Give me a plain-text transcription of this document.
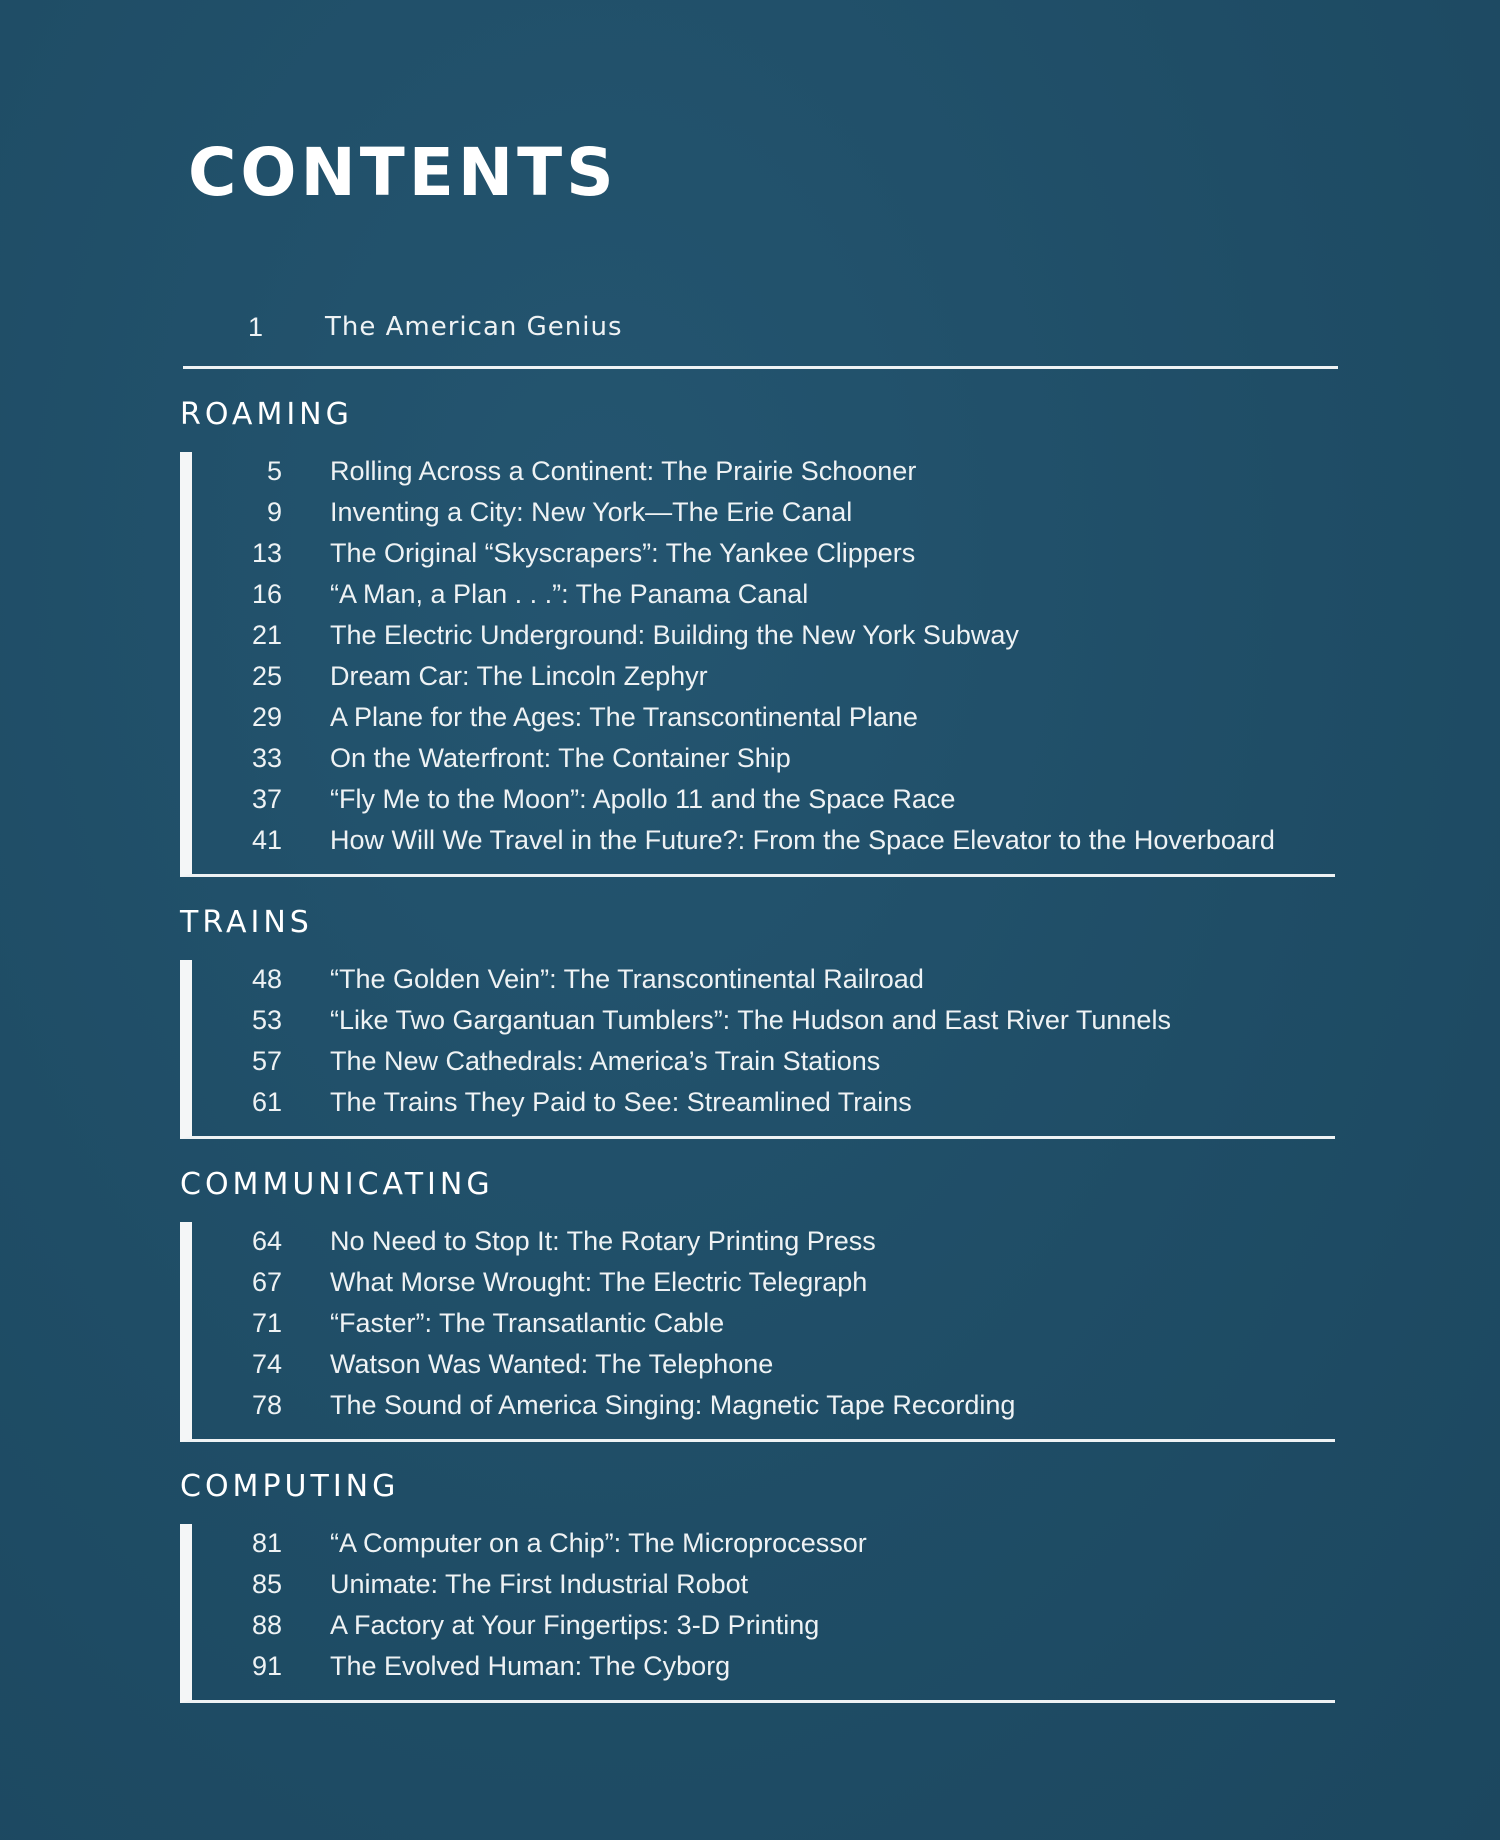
CONTENTS
1 The American Genius
ROAMING
5 Rolling Across a Continent: The Prairie Schooner
9 Inventing a City: New York—The Erie Canal
13 The Original “Skyscrapers”: The Yankee Clippers
16 “A Man, a Plan . . .”: The Panama Canal
21 The Electric Underground: Building the New York Subway
25 Dream Car: The Lincoln Zephyr
29 A Plane for the Ages: The Transcontinental Plane
33 On the Waterfront: The Container Ship
37 “Fly Me to the Moon”: Apollo 11 and the Space Race
41 How Will We Travel in the Future?: From the Space Elevator to the Hoverboard
TRAINS
48 “The Golden Vein”: The Transcontinental Railroad
53 “Like Two Gargantuan Tumblers”: The Hudson and East River Tunnels
57 The New Cathedrals: America’s Train Stations
61 The Trains They Paid to See: Streamlined Trains
COMMUNICATING
64 No Need to Stop It: The Rotary Printing Press
67 What Morse Wrought: The Electric Telegraph
71 “Faster”: The Transatlantic Cable
74 Watson Was Wanted: The Telephone
78 The Sound of America Singing: Magnetic Tape Recording
COMPUTING
81 “A Computer on a Chip”: The Microprocessor
85 Unimate: The First Industrial Robot
88 A Factory at Your Fingertips: 3-D Printing
91 The Evolved Human: The Cyborg
